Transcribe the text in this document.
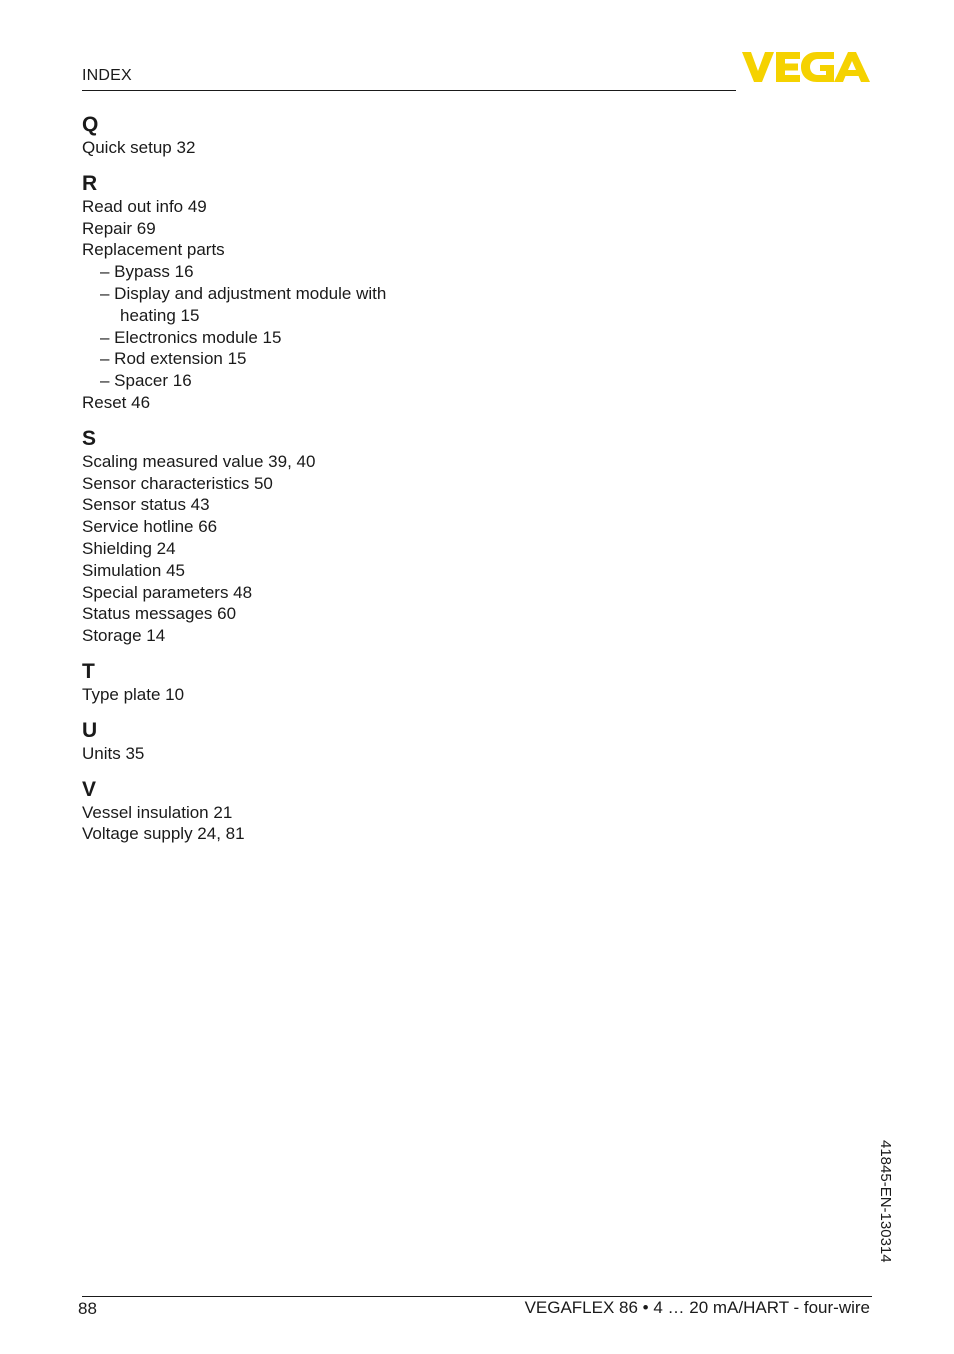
INDEX
Q
Quick setup 32
R
Read out info 49
Repair 69
Replacement parts
– Bypass 16
– Display and adjustment module with
heating 15
– Electronics module 15
– Rod extension 15
– Spacer 16
Reset 46
S
Scaling measured value 39, 40
Sensor characteristics 50
Sensor status 43
Service hotline 66
Shielding 24
Simulation 45
Special parameters 48
Status messages 60
Storage 14
T
Type plate 10
U
Units 35
V
Vessel insulation 21
Voltage supply 24, 81
88	VEGAFLEX 86 • 4 … 20 mA/HART - four-wire
41845-EN-130314
